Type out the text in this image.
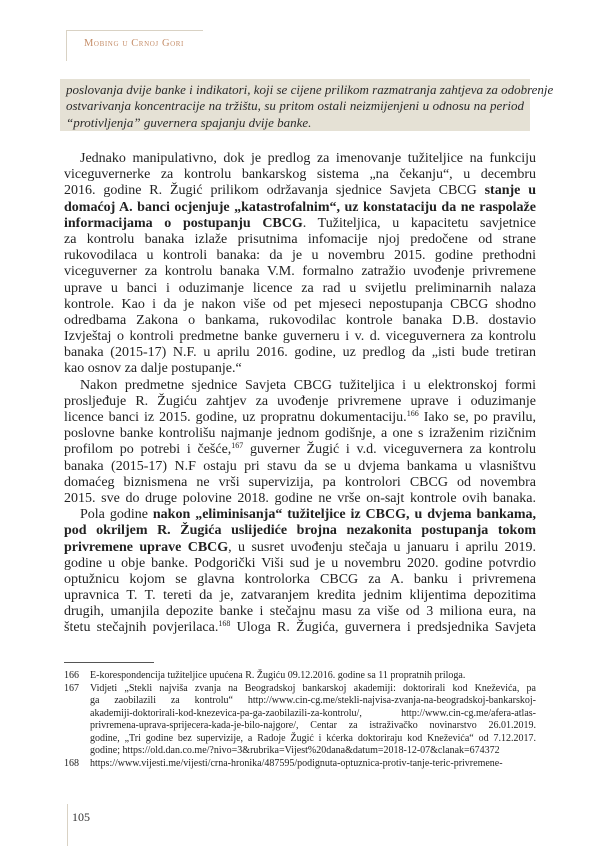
Mobing u Crnoj Gori
poslovanja dvije banke i indikatori, koji se cijene prilikom razmatranja zahtjeva za odobrenje
ostvarivanja koncentracije na tržištu, su pritom ostali neizmijenjeni u odnosu na period
“protivljenja” guvernera spajanju dvije banke.
Jednako manipulativno, dok je predlog za imenovanje tužiteljice na funkciju
viceguvernerke za kontrolu bankarskog sistema „na čekanju“, u decembru
2016. godine R. Žugić prilikom održavanja sjednice Savjeta CBCG stanje u
domaćoj A. banci ocjenjuje „katastrofalnim“, uz konstataciju da ne raspolaže
informacijama o postupanju CBCG. Tužiteljica, u kapacitetu savjetnice
za kontrolu banaka izlaže prisutnima infomacije njoj predočene od strane
rukovodilaca u kontroli banaka: da je u novembru 2015. godine prethodni
viceguverner za kontrolu banaka V.M. formalno zatražio uvođenje privremene
uprave u banci i oduzimanje licence za rad u svijetlu preliminarnih nalaza
kontrole. Kao i da je nakon više od pet mjeseci nepostupanja CBCG shodno
odredbama Zakona o bankama, rukovodilac kontrole banaka D.B. dostavio
Izvještaj o kontroli predmetne banke guverneru i v. d. viceguvernera za kontrolu
banaka (2015-17) N.F. u aprilu 2016. godine, uz predlog da „isti bude tretiran
kao osnov za dalje postupanje.“
Nakon predmetne sjednice Savjeta CBCG tužiteljica i u elektronskoj formi
prosljeđuje R. Žugiću zahtjev za uvođenje privremene uprave i oduzimanje
licence banci iz 2015. godine, uz propratnu dokumentaciju.$^{166}$ Iako se, po pravilu,
poslovne banke kontrolišu najmanje jednom godišnje, a one s izraženim rizičnim
profilom po potrebi i češće,$^{167}$ guverner Žugić i v.d. viceguvernera za kontrolu
banaka (2015-17) N.F ostaju pri stavu da se u dvjema bankama u vlasništvu
domaćeg biznismena ne vrši supervizija, pa kontrolori CBCG od novembra
2015. sve do druge polovine 2018. godine ne vrše on-sajt kontrole ovih banaka.
Pola godine nakon „eliminisanja“ tužiteljice iz CBCG, u dvjema bankama,
pod okriljem R. Žugića uslijediće brojna nezakonita postupanja tokom
privremene uprave CBCG, u susret uvođenju stečaja u januaru i aprilu 2019.
godine u obje banke. Podgorički Viši sud je u novembru 2020. godine potvrdio
optužnicu kojom se glavna kontrolorka CBCG za A. banku i privremena
upravnica T. T. tereti da je, zatvaranjem kredita jednim klijentima depozitima
drugih, umanjila depozite banke i stečajnu masu za više od 3 miliona eura, na
štetu stečajnih povjerilaca.$^{168}$ Uloga R. Žugića, guvernera i predsjednika Savjeta
166 E-korespondencija tužiteljice upućena R. Žugiću 09.12.2016. godine sa 11 propratnih priloga.
167 Vidjeti „Stekli najviša zvanja na Beogradskoj bankarskoj akademiji: doktorirali kod Kneževića, pa
ga zaobilazili za kontrolu“ http://www.cin-cg.me/stekli-najvisa-zvanja-na-beogradskoj-bankarskoj-
akademiji-doktorirali-kod-knezevica-pa-ga-zaobilazili-za-kontrolu/, http://www.cin-cg.me/afera-atlas-
privremena-uprava-sprijecera-kada-je-bilo-najgore/, Centar za istraživačko novinarstvo 26.01.2019.
godine, „Tri godine bez supervizije, a Radoje Žugić i kćerka doktoriraju kod Kneževića“ od 7.12.2017.
godine; https://old.dan.co.me/?nivo=3&rubrika=Vijest%20dana&datum=2018-12-07&clanak=674372
168 https://www.vijesti.me/vijesti/crna-hronika/487595/podignuta-optuznica-protiv-tanje-teric-privremene-
105
